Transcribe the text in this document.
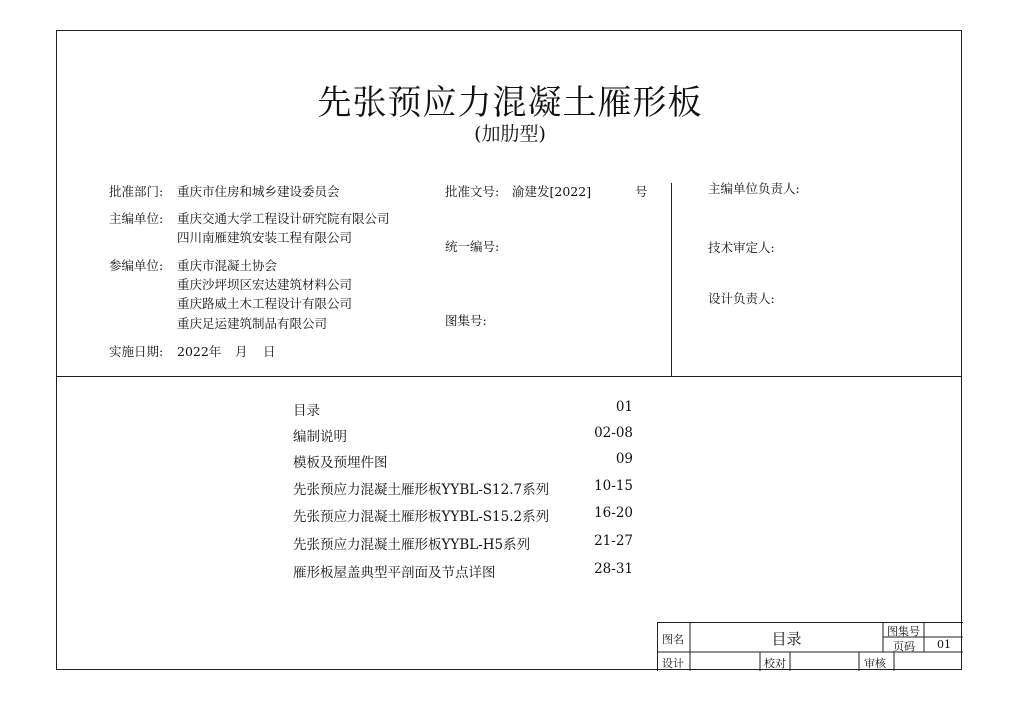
先张预应力混凝土雁形板
(加肋型)
批准部门: 重庆市住房和城乡建设委员会
主编单位: 重庆交通大学工程设计研究院有限公司
四川南雁建筑安装工程有限公司
参编单位: 重庆市混凝土协会
重庆沙坪坝区宏达建筑材料公司
重庆路威土木工程设计有限公司
重庆足运建筑制品有限公司
实施日期: 2022年 月 日
批准文号: 渝建发[2022]	号
统一编号:
图集号:
主编单位负责人:
技术审定人:
设计负责人:
目录	01
编制说明	02-08
模板及预埋件图	09
先张预应力混凝土雁形板YYBL-S12.7系列	10-15
先张预应力混凝土雁形板YYBL-S15.2系列	16-20
先张预应力混凝土雁形板YYBL-H5系列	21-27
雁形板屋盖典型平剖面及节点详图	28-31
图名	目录	图集号
页码 01
设计	校对	审核
